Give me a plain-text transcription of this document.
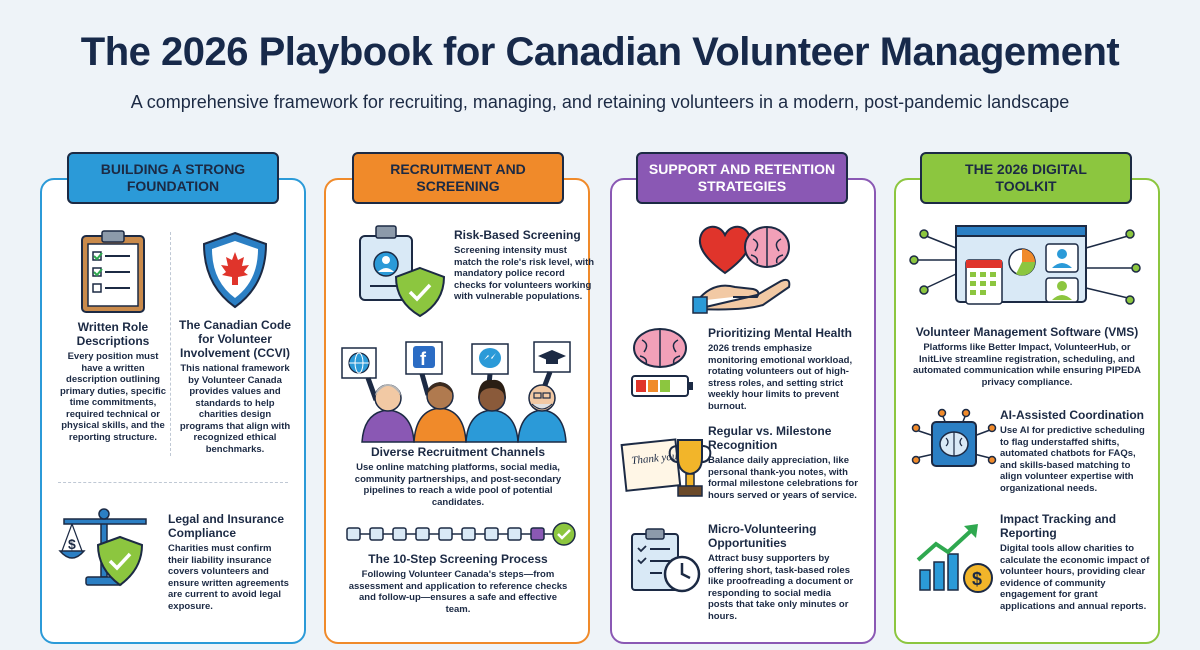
The 2026 Playbook for Canadian Volunteer Management
A comprehensive framework for recruiting, managing, and retaining volunteers in a modern, post-pandemic landscape
BUILDING A STRONG FOUNDATION
Written Role Descriptions
Every position must have a written description outlining primary duties, specific time commitments, required technical or physical skills, and the reporting structure.
The Canadian Code for Volunteer Involvement (CCVI)
This national framework by Volunteer Canada provides values and standards to help charities design programs that align with recognized ethical benchmarks.
$
Legal and Insurance Compliance
Charities must confirm their liability insurance covers volunteers and ensure written agreements are current to avoid legal exposure.
RECRUITMENT AND SCREENING
Risk-Based Screening
Screening intensity must match the role's risk level, with mandatory police record checks for volunteers working with vulnerable populations.
f
Diverse Recruitment Channels
Use online matching platforms, social media, community partnerships, and post-secondary pipelines to reach a wide pool of potential candidates.
The 10-Step Screening Process
Following Volunteer Canada's steps—from assessment and application to reference checks and follow-up—ensures a safe and effective team.
SUPPORT AND RETENTION STRATEGIES
Prioritizing Mental Health
2026 trends emphasize monitoring emotional workload, rotating volunteers out of high-stress roles, and setting strict weekly hour limits to prevent burnout.
Thank you
Regular vs. Milestone Recognition
Balance daily appreciation, like personal thank-you notes, with formal milestone celebrations for hours served or years of service.
Micro-Volunteering Opportunities
Attract busy supporters by offering short, task-based roles like proofreading a document or responding to social media posts that take only minutes or hours.
THE 2026 DIGITAL TOOLKIT
Volunteer Management Software (VMS)
Platforms like Better Impact, VolunteerHub, or InitLive streamline registration, scheduling, and automated communication while ensuring PIPEDA privacy compliance.
AI-Assisted Coordination
Use AI for predictive scheduling to flag understaffed shifts, automated chatbots for FAQs, and skills-based matching to align volunteer expertise with organizational needs.
$
Impact Tracking and Reporting
Digital tools allow charities to calculate the economic impact of volunteer hours, providing clear evidence of community engagement for grant applications and annual reports.
